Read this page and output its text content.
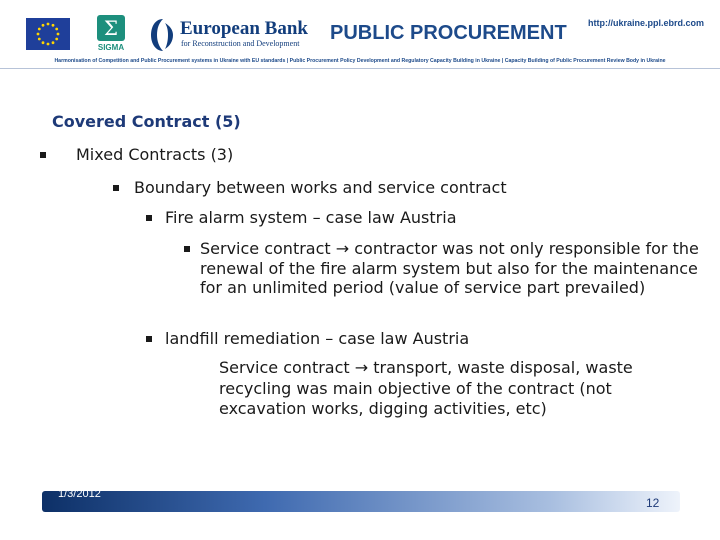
Σ
SIGMA
European Bank
for Reconstruction and Development PUBLIC PROCUREMENT http://ukraine.ppl.ebrd.com
Harmonisation of Competition and Public Procurement systems in Ukraine with EU standards | Public Procurement Policy Development and Regulatory Capacity Building in Ukraine | Capacity Building of Public Procurement Review Body in Ukraine
Covered Contract (5)
Mixed Contracts (3)
Boundary between works and service contract
Fire alarm system – case law Austria
Service contract → contractor was not only responsible for the renewal of the fire alarm system but also for the maintenance for an unlimited period (value of service part prevailed)
landfill remediation – case law Austria
Service contract → transport, waste disposal, waste recycling was main objective of the contract (not excavation works, digging activities, etc)
1/3/2012
12
